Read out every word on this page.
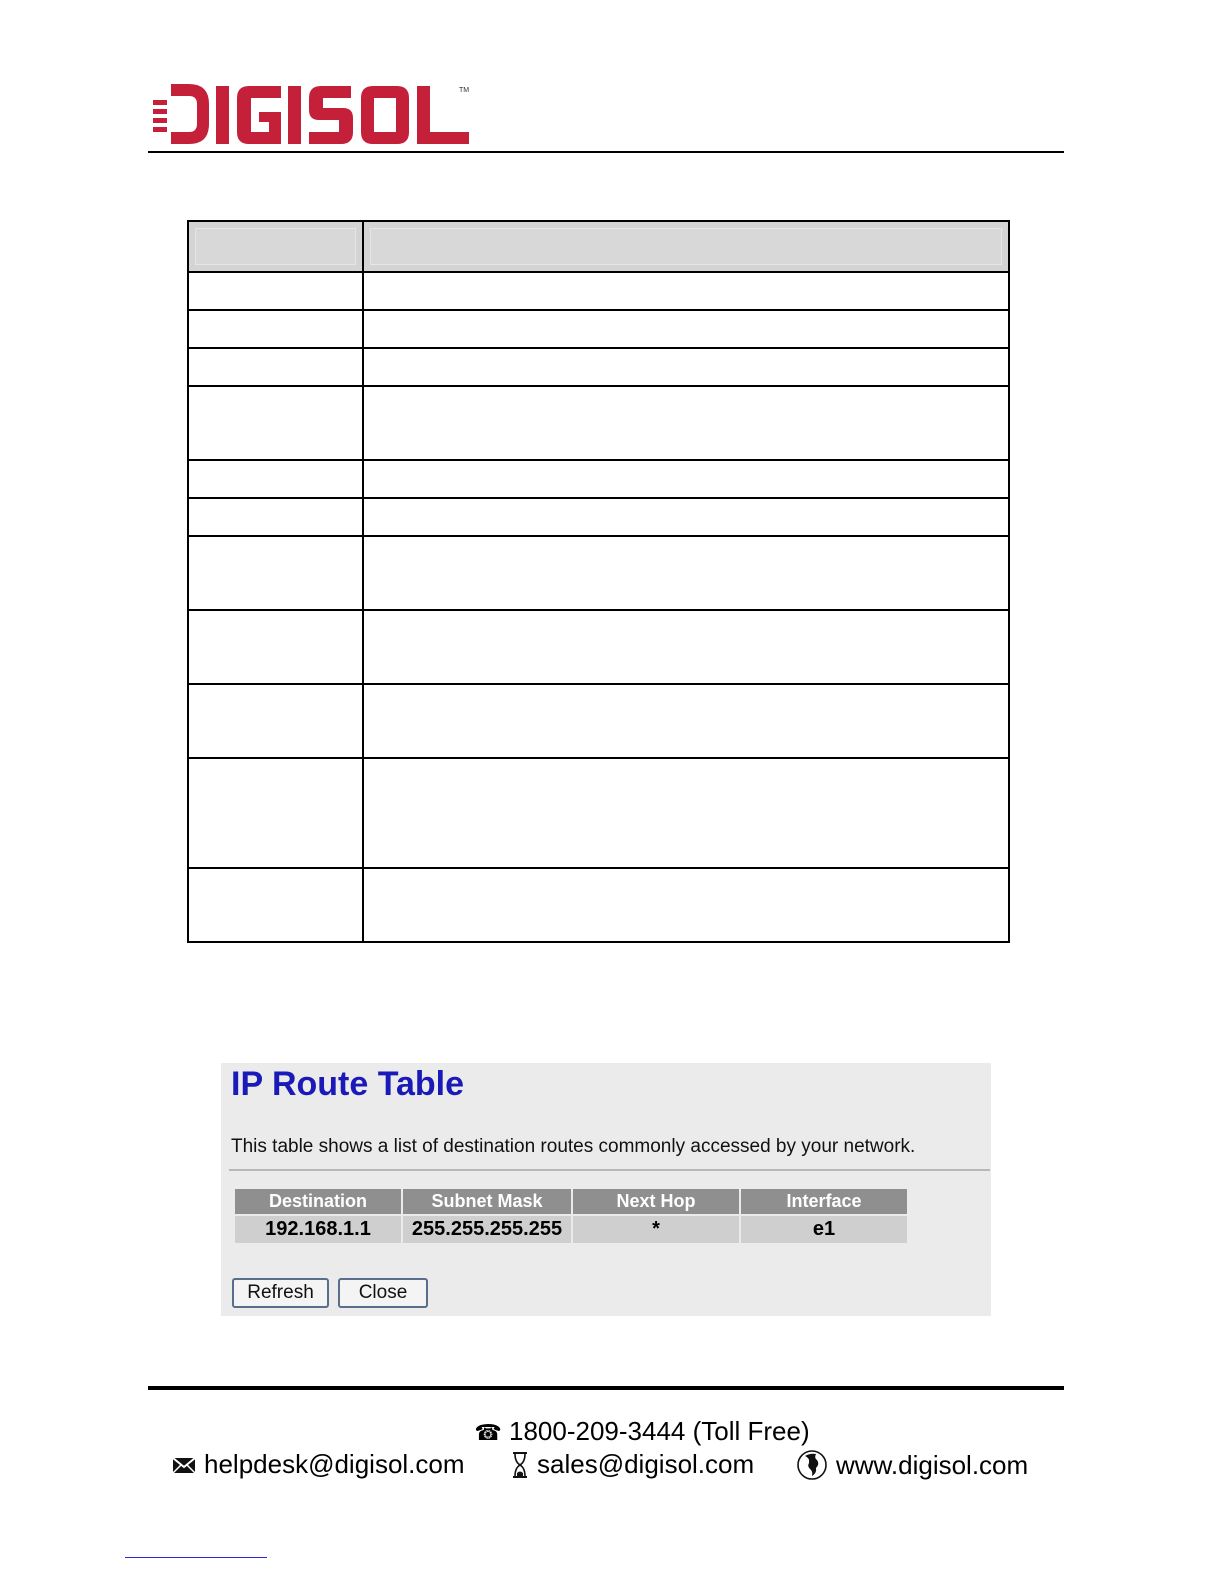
TM

IP Route Table
This table shows a list of destination routes commonly accessed by your network.
Destination	Subnet Mask	Next Hop	Interface
192.168.1.1	255.255.255.255	*	e1
Refresh	Close
☎ 1800-209-3444 (Toll Free)
helpdesk@digisol.com	sales@digisol.com	www.digisol.com
